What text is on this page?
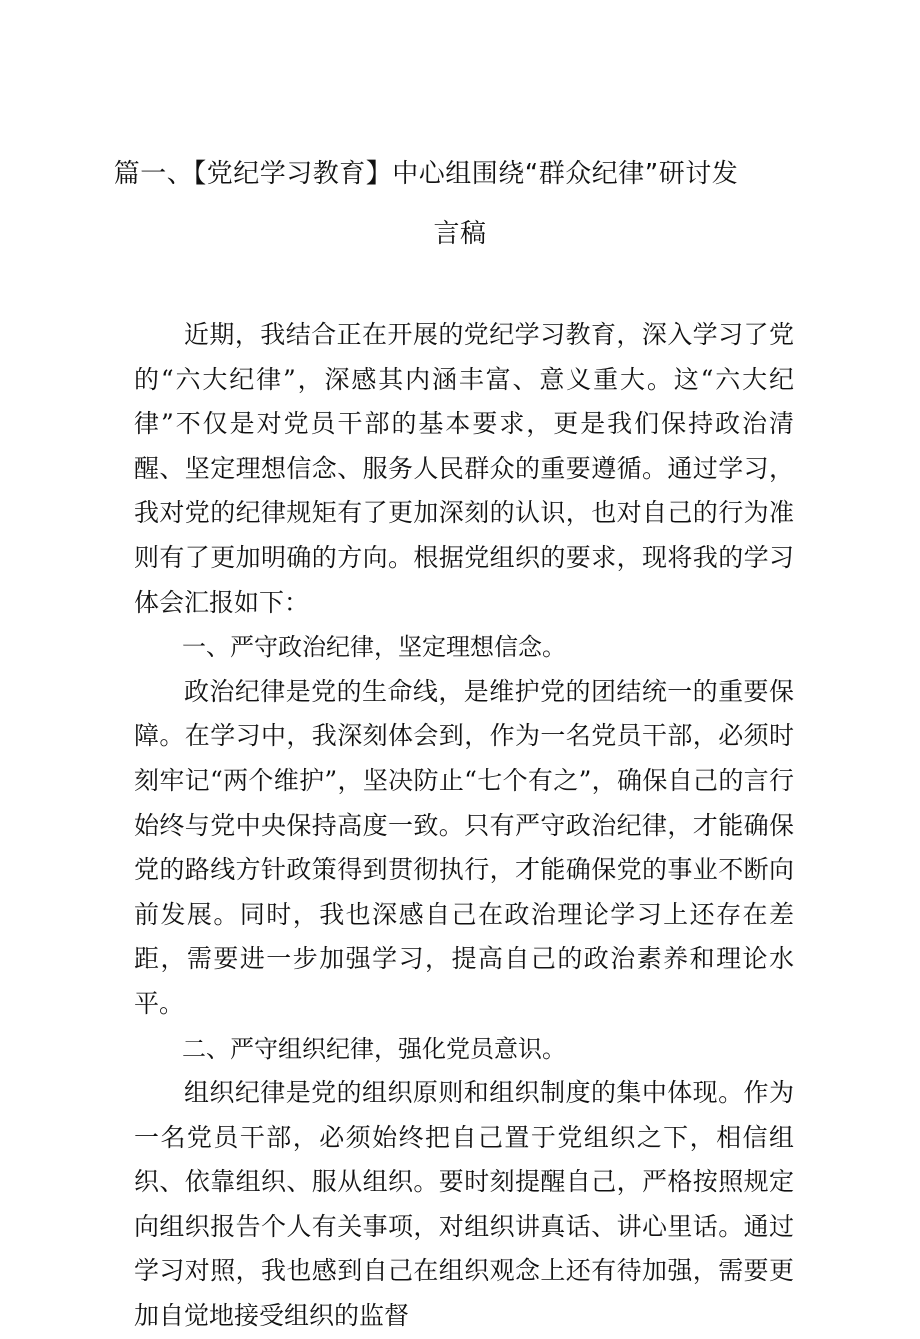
篇一、【党纪学习教育】中心组围绕“群众纪律”研讨发
言稿

近期，我结合正在开展的党纪学习教育，深入学习了党的“六大纪律”，深感其内涵丰富、意义重大。这“六大纪律”不仅是对党员干部的基本要求，更是我们保持政治清醒、坚定理想信念、服务人民群众的重要遵循。通过学习，我对党的纪律规矩有了更加深刻的认识，也对自己的行为准则有了更加明确的方向。根据党组织的要求，现将我的学习体会汇报如下：

一、严守政治纪律，坚定理想信念。

政治纪律是党的生命线，是维护党的团结统一的重要保障。在学习中，我深刻体会到，作为一名党员干部，必须时刻牢记“两个维护”，坚决防止“七个有之”，确保自己的言行始终与党中央保持高度一致。只有严守政治纪律，才能确保党的路线方针政策得到贯彻执行，才能确保党的事业不断向前发展。同时，我也深感自己在政治理论学习上还存在差距，需要进一步加强学习，提高自己的政治素养和理论水平。

二、严守组织纪律，强化党员意识。

组织纪律是党的组织原则和组织制度的集中体现。作为一名党员干部，必须始终把自己置于党组织之下，相信组织、依靠组织、服从组织。要时刻提醒自己，严格按照规定向组织报告个人有关事项，对组织讲真话、讲心里话。通过学习对照，我也感到自己在组织观念上还有待加强，需要更加自觉地接受组织的监督
